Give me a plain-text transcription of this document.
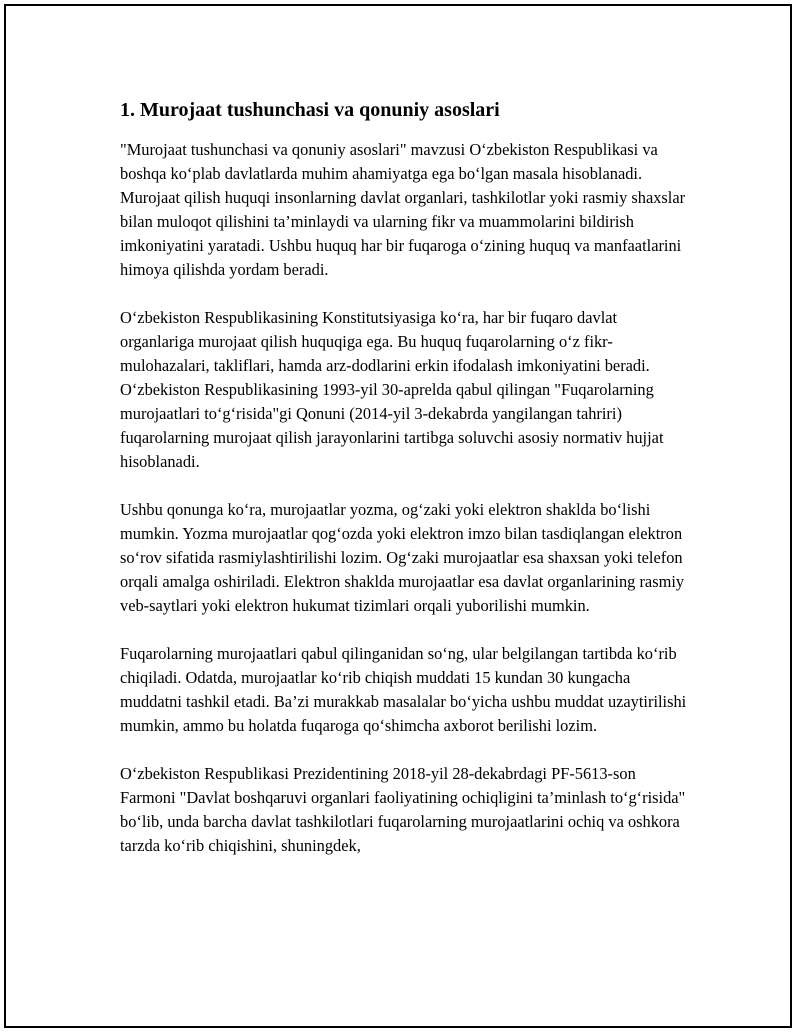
1. Murojaat tushunchasi va qonuniy asoslari

"Murojaat tushunchasi va qonuniy asoslari" mavzusi O‘zbekiston Respublikasi va boshqa ko‘plab davlatlarda muhim ahamiyatga ega bo‘lgan masala hisoblanadi. Murojaat qilish huquqi insonlarning davlat organlari, tashkilotlar yoki rasmiy shaxslar bilan muloqot qilishini ta’minlaydi va ularning fikr va muammolarini bildirish imkoniyatini yaratadi. Ushbu huquq har bir fuqaroga o‘zining huquq va manfaatlarini himoya qilishda yordam beradi.

O‘zbekiston Respublikasining Konstitutsiyasiga ko‘ra, har bir fuqaro davlat organlariga murojaat qilish huquqiga ega. Bu huquq fuqarolarning o‘z fikr-mulohazalari, takliflari, hamda arz-dodlarini erkin ifodalash imkoniyatini beradi. O‘zbekiston Respublikasining 1993-yil 30-aprelda qabul qilingan "Fuqarolarning murojaatlari to‘g‘risida"gi Qonuni (2014-yil 3-dekabrda yangilangan tahriri) fuqarolarning murojaat qilish jarayonlarini tartibga soluvchi asosiy normativ hujjat hisoblanadi.

Ushbu qonunga ko‘ra, murojaatlar yozma, og‘zaki yoki elektron shaklda bo‘lishi mumkin. Yozma murojaatlar qog‘ozda yoki elektron imzo bilan tasdiqlangan elektron so‘rov sifatida rasmiylashtirilishi lozim. Og‘zaki murojaatlar esa shaxsan yoki telefon orqali amalga oshiriladi. Elektron shaklda murojaatlar esa davlat organlarining rasmiy veb-saytlari yoki elektron hukumat tizimlari orqali yuborilishi mumkin.

Fuqarolarning murojaatlari qabul qilinganidan so‘ng, ular belgilangan tartibda ko‘rib chiqiladi. Odatda, murojaatlar ko‘rib chiqish muddati 15 kundan 30 kungacha muddatni tashkil etadi. Ba’zi murakkab masalalar bo‘yicha ushbu muddat uzaytirilishi mumkin, ammo bu holatda fuqaroga qo‘shimcha axborot berilishi lozim.

O‘zbekiston Respublikasi Prezidentining 2018-yil 28-dekabrdagi PF-5613-son Farmoni "Davlat boshqaruvi organlari faoliyatining ochiqligini ta’minlash to‘g‘risida" bo‘lib, unda barcha davlat tashkilotlari fuqarolarning murojaatlarini ochiq va oshkora tarzda ko‘rib chiqishini, shuningdek,
